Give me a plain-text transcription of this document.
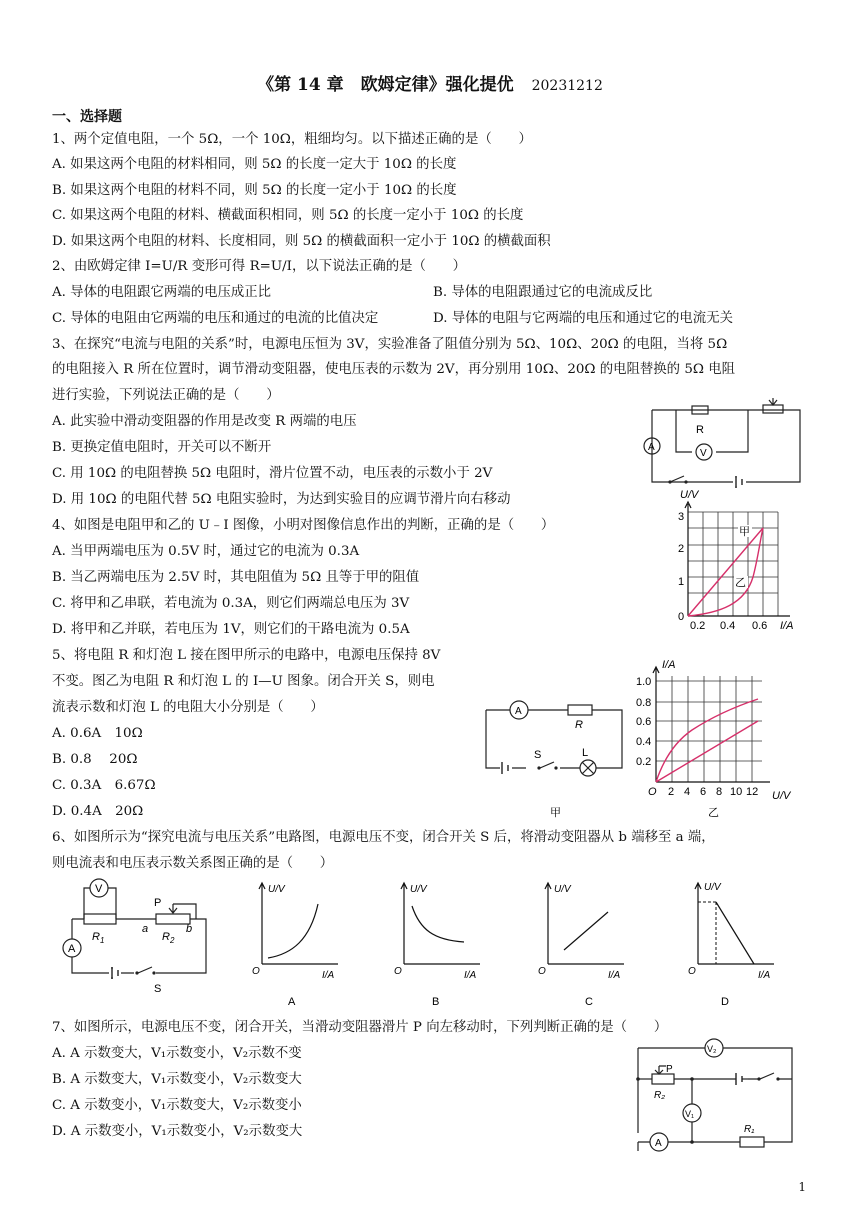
《第 14 章　欧姆定律》强化提优 20231212
一、选择题
1、两个定值电阻，一个 5Ω，一个 10Ω，粗细均匀。以下描述正确的是（　　）
A. 如果这两个电阻的材料相同，则 5Ω 的长度一定大于 10Ω 的长度
B. 如果这两个电阻的材料不同，则 5Ω 的长度一定小于 10Ω 的长度
C. 如果这两个电阻的材料、横截面积相同，则 5Ω 的长度一定小于 10Ω 的长度
D. 如果这两个电阻的材料、长度相同，则 5Ω 的横截面积一定小于 10Ω 的横截面积
2、由欧姆定律 I=U/R 变形可得 R=U/I，以下说法正确的是（　　）
A. 导体的电阻跟它两端的电压成正比	B. 导体的电阻跟通过它的电流成反比
C. 导体的电阻由它两端的电压和通过的电流的比值决定	D. 导体的电阻与它两端的电压和通过它的电流无关
3、在探究“电流与电阻的关系”时，电源电压恒为 3V，实验准备了阻值分别为 5Ω、10Ω、20Ω 的电阻，当将 5Ω
的电阻接入 R 所在位置时，调节滑动变阻器，使电压表的示数为 2V，再分别用 10Ω、20Ω 的电阻替换的 5Ω 电阻
进行实验，下列说法正确的是（　　）
A. 此实验中滑动变阻器的作用是改变 R 两端的电压
B. 更换定值电阻时，开关可以不断开
C. 用 10Ω 的电阻替换 5Ω 电阻时，滑片位置不动，电压表的示数小于 2V
D. 用 10Ω 的电阻代替 5Ω 电阻实验时，为达到实验目的应调节滑片向右移动
R
A
V
4、如图是电阻甲和乙的 U﹣I 图像，小明对图像信息作出的判断，正确的是（　　）
A. 当甲两端电压为 0.5V 时，通过它的电流为 0.3A
B. 当乙两端电压为 2.5V 时，其电阻值为 5Ω 且等于甲的阻值
C. 将甲和乙串联，若电流为 0.3A，则它们两端总电压为 3V
D. 将甲和乙并联，若电压为 1V，则它们的干路电流为 0.5A
U/V
3
2
1
0
0.2 0.4 0.6 I/A
甲
乙
5、将电阻 R 和灯泡 L 接在图甲所示的电路中，电源电压保持 8V
不变。图乙为电阻 R 和灯泡 L 的 I—U 图象。闭合开关 S，则电
流表示数和灯泡 L 的电阻大小分别是（　　）
A. 0.6A　10Ω
B. 0.8　 20Ω
C. 0.3A　6.67Ω
D. 0.4A　20Ω
A
R
S	L
甲
I/A
1.0
0.8
0.6
0.4
0.2
O 2 4 6 8 10 12 U/V
乙
6、如图所示为“探究电流与电压关系”电路图，电源电压不变，闭合开关 S 后，将滑动变阻器从 b 端移至 a 端，
则电流表和电压表示数关系图正确的是（　　）
V
A
P
$R_1$	$R_2$
a	b
S
U/V
O	I/A
A
U/V
O	I/A
B
U/V
O	I/A
C
U/V
O	I/A
D
7、如图所示，电源电压不变，闭合开关，当滑动变阻器滑片 P 向左移动时，下列判断正确的是（　　）
A. A 示数变大，V₁示数变小，V₂示数不变
B. A 示数变大，V₁示数变小，V₂示数变大
C. A 示数变小，V₁示数变大，V₂示数变小
D. A 示数变小，V₁示数变小，V₂示数变大
V₂
V₁
A
P
R₂
R₁
1
